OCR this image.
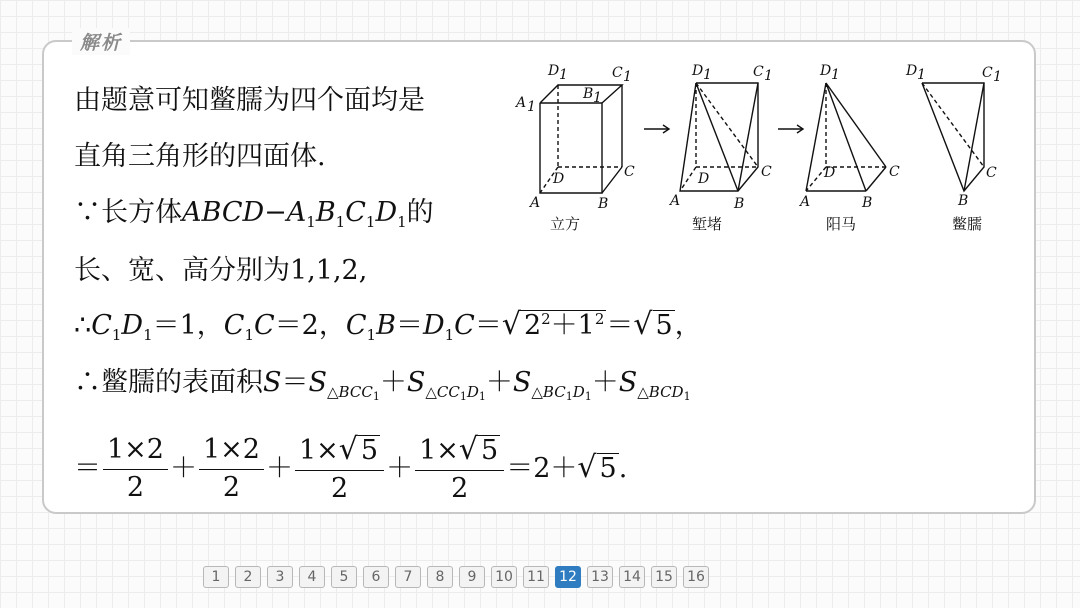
解析
由题意可知鳖臑为四个面均是
直角三角形的四面体.
∵长方体$ABCD-A_1B_1C_1D_1$的
长、宽、高分别为1,1,2,
$\therefore C_1D_1=1$，$C_1C=2$，$C_1B=D_1C=√$ $2^2+1^2=√$ 5，
∴鳖臑的表面积$S=S_{\triangle BCC_1}+S_{\triangle CC_1D_1}+S_{\triangle BC_1D_1}+S_{\triangle BCD_1}$
＝ $\frac{1\times 2}{2} + \frac{1\times 2}{2} + \frac{1\times√ 5}{2} + \frac{1\times√ 5}{2} =2+√$ 5.
D 1	C 1
A 1
B 1
D	C
A	B
D 1	C 1
D	C
A	B
D 1
D	C
A	B
D 1	C 1
C
B
立方	堑堵	阳马	鳖臑
1	2	3	4	5	6	7	8	9	10 11 12 13 14 15 16
